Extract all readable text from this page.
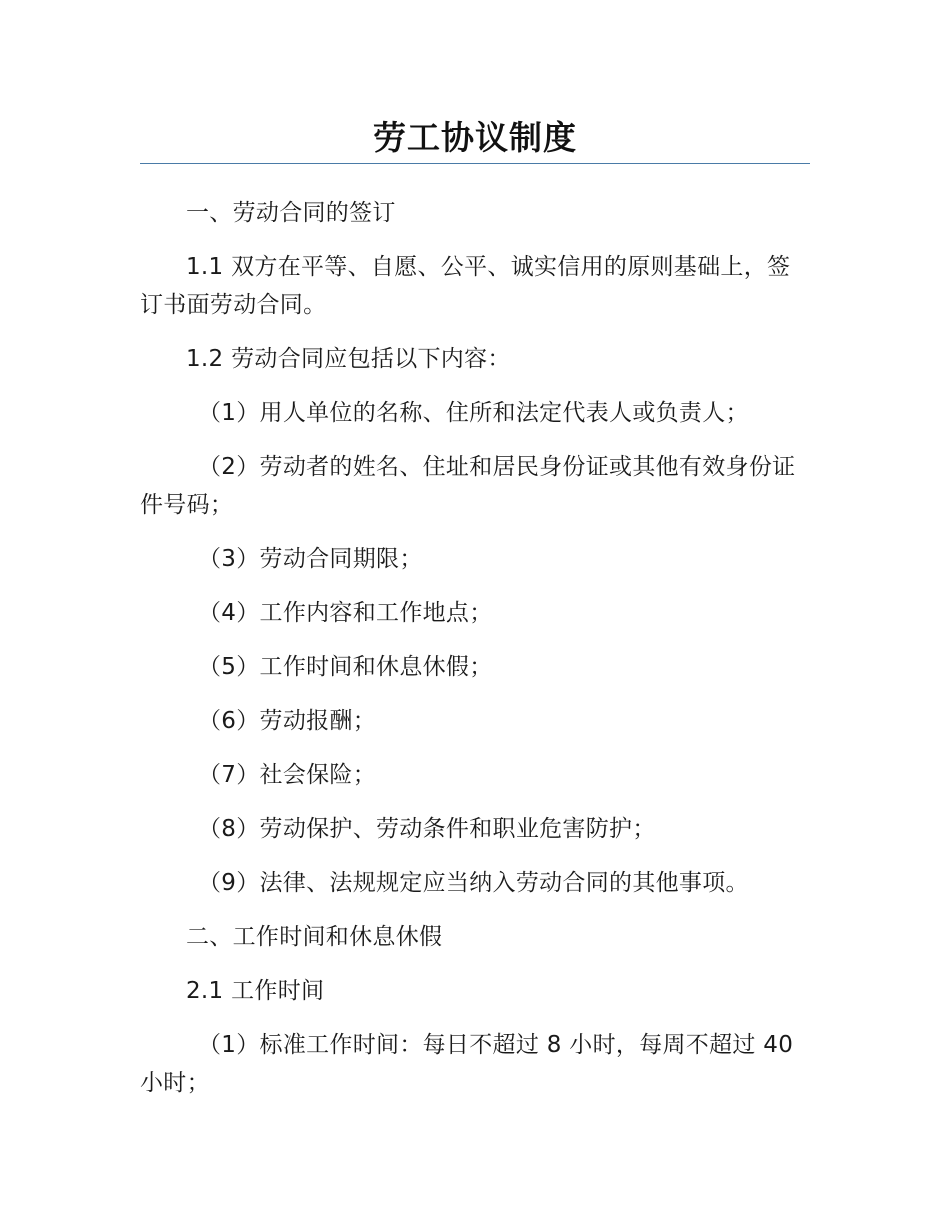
劳工协议制度

一、劳动合同的签订

1.1 双方在平等、自愿、公平、诚实信用的原则基础上，签订书面劳动合同。

1.2 劳动合同应包括以下内容：

（1）用人单位的名称、住所和法定代表人或负责人；

（2）劳动者的姓名、住址和居民身份证或其他有效身份证件号码；

（3）劳动合同期限；

（4）工作内容和工作地点；

（5）工作时间和休息休假；

（6）劳动报酬；

（7）社会保险；

（8）劳动保护、劳动条件和职业危害防护；

（9）法律、法规规定应当纳入劳动合同的其他事项。

二、工作时间和休息休假

2.1 工作时间

（1）标准工作时间：每日不超过 8 小时，每周不超过 40 小时；
